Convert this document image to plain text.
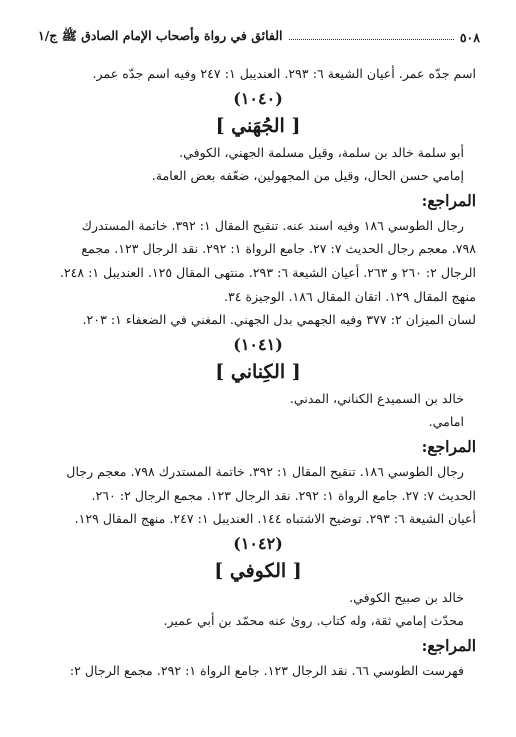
٥٠٨
الفائق في رواة وأصحاب الإمام الصادق ﷺ ج/١

اسم جدّه عمر. أعيان الشيعة ٦: ٢٩٣. العنديبل ١: ٢٤٧ وفيه اسم جدّه عمر.

(١٠٤٠)
[ الجُهَني ]

أبو سلمة خالد بن سلمة، وقيل مسلمة الجهني، الكوفي.

إمامي حسن الحال، وقيل من المجهولين، ضعّفه بعض العامة.

المراجع:

رجال الطوسي ١٨٦ وفيه اسند عنه. تنقيح المقال ١: ٣٩٢. خاتمة المستدرك

٧٩٨. معجم رجال الحديث ٧: ٢٧. جامع الرواة ١: ٢٩٢. نقد الرجال ١٢٣. مجمع

الرجال ٢: ٢٦٠ و ٢٦٣. أعيان الشيعة ٦: ٢٩٣. منتهى المقال ١٢٥. العنديبل ١: ٢٤٨.

منهج المقال ١٢٩. اتقان المقال ١٨٦. الوجيزة ٣٤.

لسان الميزان ٢: ٣٧٧ وفيه الجهمي بدل الجهني. المغني في الضعفاء ١: ٢٠٣.

(١٠٤١)
[ الكِناني ]

خالد بن السميدع الكناني، المدني.

امامي.

المراجع:

رجال الطوسي ١٨٦. تنقيح المقال ١: ٣٩٢. خاتمة المستدرك ٧٩٨. معجم رجال

الحديث ٧: ٢٧. جامع الرواة ١: ٢٩٢. نقد الرجال ١٢٣. مجمع الرجال ٢: ٢٦٠.

أعيان الشيعة ٦: ٢٩٣. توضيح الاشتباه ١٤٤. العنديبل ١: ٢٤٧. منهج المقال ١٢٩.

(١٠٤٢)
[ الكوفي ]

خالد بن صبيح الكوفي.

محدّث إمامي ثقة، وله كتاب. روىٰ عنه محمّد بن أبي عمير.

المراجع:

فهرست الطوسي ٦٦. نقد الرجال ١٢٣. جامع الرواة ١: ٢٩٢. مجمع الرجال ٢:
